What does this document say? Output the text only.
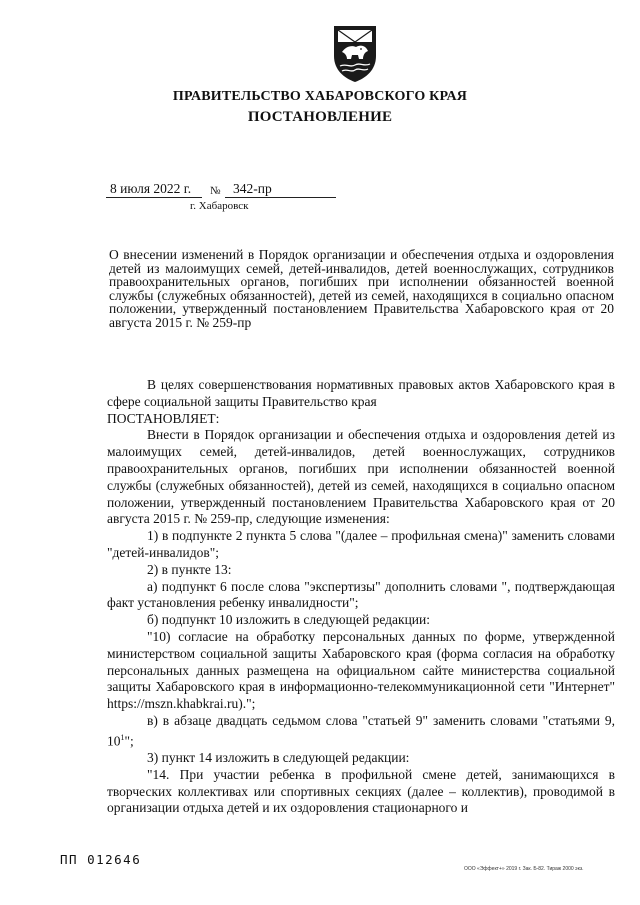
ПРАВИТЕЛЬСТВО ХАБАРОВСКОГО КРАЯ
ПОСТАНОВЛЕНИЕ
8 июля 2022 г. № 342-пр
г. Хабаровск
О внесении изменений в Порядок организации и обеспечения отдыха и оздоровления детей из малоимущих семей, детей-инвалидов, детей военнослужащих, сотрудников правоохранительных органов, погибших при исполнении обязанностей военной службы (служебных обязанностей), детей из семей, находящихся в социально опасном положении, утвержденный постановлением Правительства Хабаровского края от 20 августа 2015 г. № 259-пр

В целях совершенствования нормативных правовых актов Хабаровского края в сфере социальной защиты Правительство края

ПОСТАНОВЛЯЕТ:

Внести в Порядок организации и обеспечения отдыха и оздоровления детей из малоимущих семей, детей-инвалидов, детей военнослужащих, сотрудников правоохранительных органов, погибших при исполнении обязанностей военной службы (служебных обязанностей), детей из семей, находящихся в социально опасном положении, утвержденный постановлением Правительства Хабаровского края от 20 августа 2015 г. № 259-пр, следующие изменения:

1) в подпункте 2 пункта 5 слова "(далее – профильная смена)" заменить словами "детей-инвалидов";

2) в пункте 13:

а) подпункт 6 после слова "экспертизы" дополнить словами ", подтверждающая факт установления ребенку инвалидности";

б) подпункт 10 изложить в следующей редакции:

"10) согласие на обработку персональных данных по форме, утвержденной министерством социальной защиты Хабаровского края (форма согласия на обработку персональных данных размещена на официальном сайте министерства социальной защиты Хабаровского края в информационно-телекоммуникационной сети "Интернет" https://mszn.khabkrai.ru).";

в) в абзаце двадцать седьмом слова "статьей 9" заменить словами "статьями 9, $10^1$";

3) пункт 14 изложить в следующей редакции:

"14. При участии ребенка в профильной смене детей, занимающихся в творческих коллективах или спортивных секциях (далее – коллектив), проводимой в организации отдыха детей и их оздоровления стационарного и

ПП 012646
ООО «Эффект+» 2019 г. Зак. Б-82. Тираж 2000 экз.
